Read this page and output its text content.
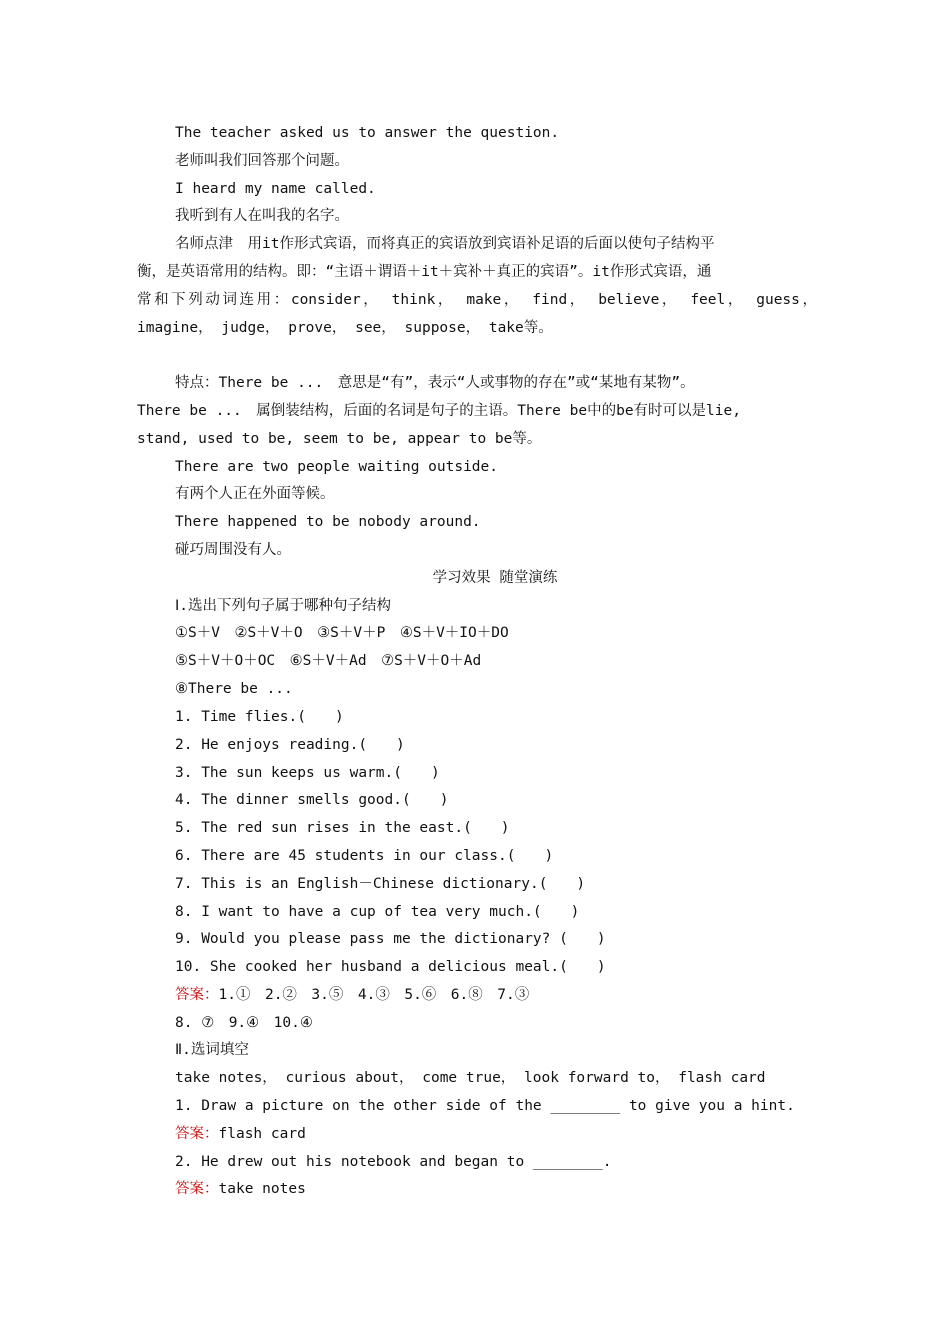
The teacher asked us to answer the question.

老师叫我们回答那个问题。

I heard my name called.

我听到有人在叫我的名字。

名师点津　用it作形式宾语，而将真正的宾语放到宾语补足语的后面以使句子结构平

衡，是英语常用的结构。即：“主语＋谓语＋it＋宾补＋真正的宾语”。it作形式宾语，通

常和下列动词连用：consider， think， make， find， believe， feel， guess，

imagine， judge， prove， see， suppose， take等。

特点：There be ...　意思是“有”，表示“人或事物的存在”或“某地有某物”。

There be ...　属倒装结构，后面的名词是句子的主语。There be中的be有时可以是lie,

stand, used to be, seem to be, appear to be等。

There are two people waiting outside.

有两个人正在外面等候。

There happened to be nobody around.

碰巧周围没有人。

学习效果 随堂演练

Ⅰ.选出下列句子属于哪种句子结构

①S＋V　②S＋V＋O　③S＋V＋P　④S＋V＋IO＋DO

⑤S＋V＋O＋OC　⑥S＋V＋Ad　⑦S＋V＋O＋Ad

⑧There be ...

1. Time flies.(　　)

2. He enjoys reading.(　　)

3. The sun keeps us warm.(　　)

4. The dinner smells good.(　　)

5. The red sun rises in the east.(　　)

6. There are 45 students in our class.(　　)

7. This is an English－Chinese dictionary.(　　)

8. I want to have a cup of tea very much.(　　)

9. Would you please pass me the dictionary? (　　)

10. She cooked her husband a delicious meal.(　　)

答案：1.①　2.②　3.⑤　4.③　5.⑥　6.⑧　7.③

8. ⑦　9.④　10.④

Ⅱ.选词填空

take notes， curious about， come true， look forward to， flash card

1. Draw a picture on the other side of the ________ to give you a hint.

答案：flash card

2. He drew out his notebook and began to ________.

答案：take notes
